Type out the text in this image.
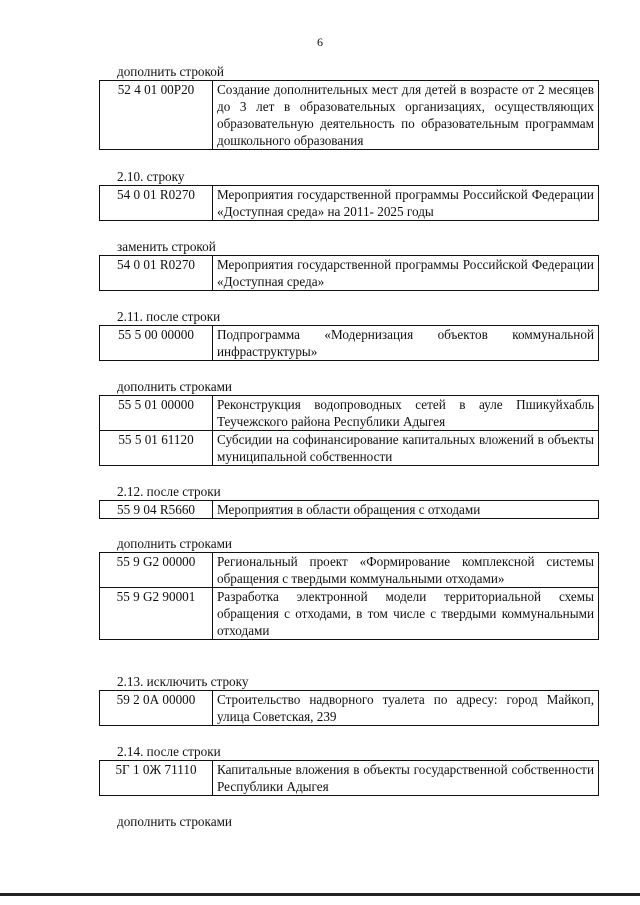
6
дополнить строкой
52 4 01 00P20	Создание дополнительных мест для детей в возрасте от 2 месяцев до 3 лет в образовательных организациях, осуществляющих образовательную деятельность по образовательным программам дошкольного образования
2.10. строку
54 0 01 R0270	Мероприятия государственной программы Российской Федерации «Доступная среда» на 2011- 2025 годы
заменить строкой
54 0 01 R0270	Мероприятия государственной программы Российской Федерации «Доступная среда»
2.11. после строки
55 5 00 00000	Подпрограмма «Модернизация объектов коммунальной инфраструктуры»
дополнить строками
55 5 01 00000	Реконструкция водопроводных сетей в ауле Пшикуйхабль Теучежского района Республики Адыгея
55 5 01 61120	Субсидии на софинансирование капитальных вложений в объекты муниципальной собственности
2.12. после строки
55 9 04 R5660	Мероприятия в области обращения с отходами
дополнить строками
55 9 G2 00000	Региональный проект «Формирование комплексной системы обращения с твердыми коммунальными отходами»
55 9 G2 90001	Разработка электронной модели территориальной схемы обращения с отходами, в том числе с твердыми коммунальными отходами
2.13. исключить строку
59 2 0А 00000	Строительство надворного туалета по адресу: город Майкоп, улица Советская, 239
2.14. после строки
5Г 1 0Ж 71110	Капитальные вложения в объекты государственной собственности Республики Адыгея
дополнить строками
